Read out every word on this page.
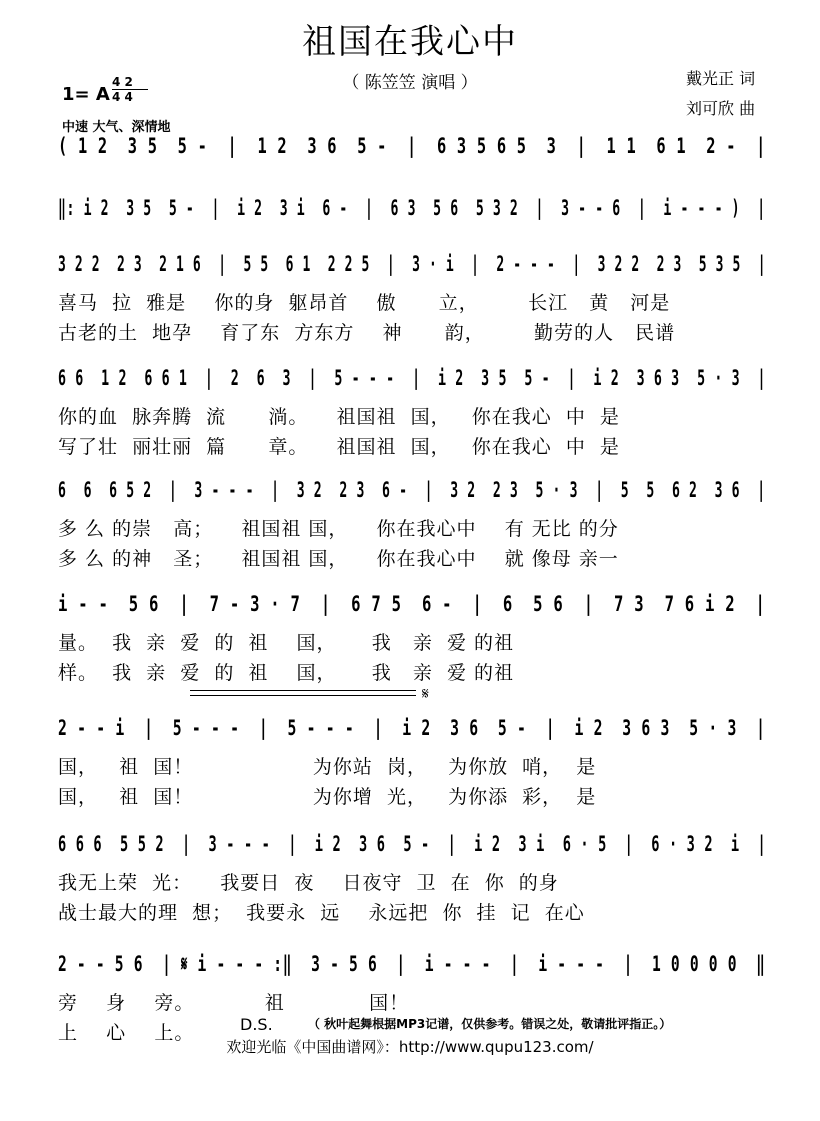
祖国在我心中
（ 陈笠笠 演唱 ）	戴光正 词
刘可欣 曲
1= A
4 2
4 4
中速 大气、深情地
( 1 2  3 5  5 -  |  1 2  3 6  5 -  |  6 3 5 6 5  3  |  1 1  6 1  2 -  |
‖: i 2  3 5  5 -  |  i 2  3 i  6 -  |  6 3  5 6  5 3 2  |  3 - - 6  |  i - - - )  |
3 2 2  2 3  2 1 6  |  5 5  6 1  2 2 5  |  3 · i  |  2 - - -  |  3 2 2  2 3  5 3 5  |
喜马  拉  雅是    你的身  躯昂首    傲      立，       长江   黄   河是
古老的土  地孕    育了东  方东方    神      韵，       勤劳的人   民谱
6 6  1 2  6 6 1  |  2  6  3  |  5 - - -  |  i 2  3 5  5 -  |  i 2  3 6 3  5 · 3  |
你的血  脉奔腾  流      淌。    祖国祖  国，   你在我心  中  是
写了壮  丽壮丽  篇      章。    祖国祖  国，   你在我心  中  是
6  6  6 5 2  |  3 - - -  |  3 2  2 3  6 -  |  3 2  2 3  5 · 3  |  5  5  6 2  3 6  |
多 么 的崇   高；    祖国祖 国，    你在我心中    有 无比 的分
多 么 的神   圣；    祖国祖 国，    你在我心中    就 像母 亲一
i - -  5 6  |  7 - 3 · 7  |  6 7 5  6 -  |  6  5 6  |  7 3  7 6 i 2  |
量。  我  亲  爱  的  祖    国，     我   亲  爱 的祖
样。  我  亲  爱  的  祖    国，     我   亲  爱 的祖
2 - - i  |  5 - - -  |  5 - - -  |  i 2  3 6  5 -  |  i 2  3 6 3  5 · 3  |
国，   祖  国！                 为你站  岗，   为你放  哨，  是
国，   祖  国！                 为你增  光，   为你添  彩，  是
6 6 6  5 5 2  |  3 - - -  |  i 2  3 6  5 -  |  i 2  3 i  6 · 5  |  6 · 3 2  i  |
我无上荣  光：    我要日  夜    日夜守  卫  在  你  的身
战士最大的理  想；  我要永  远    永远把  你  挂  记  在心
2 - - 5 6  | 𝄋 i - - - :‖  3 - 5 6  |  i - - -  |  i - - -  |  1 0 0 0 0  ‖
旁    身    旁。          祖            国！
上    心    上。
𝄋
D.S.	（ 秋叶起舞根据MP3记谱，仅供参考。错误之处，敬请批评指正。）
欢迎光临《中国曲谱网》：http://www.qupu123.com/
